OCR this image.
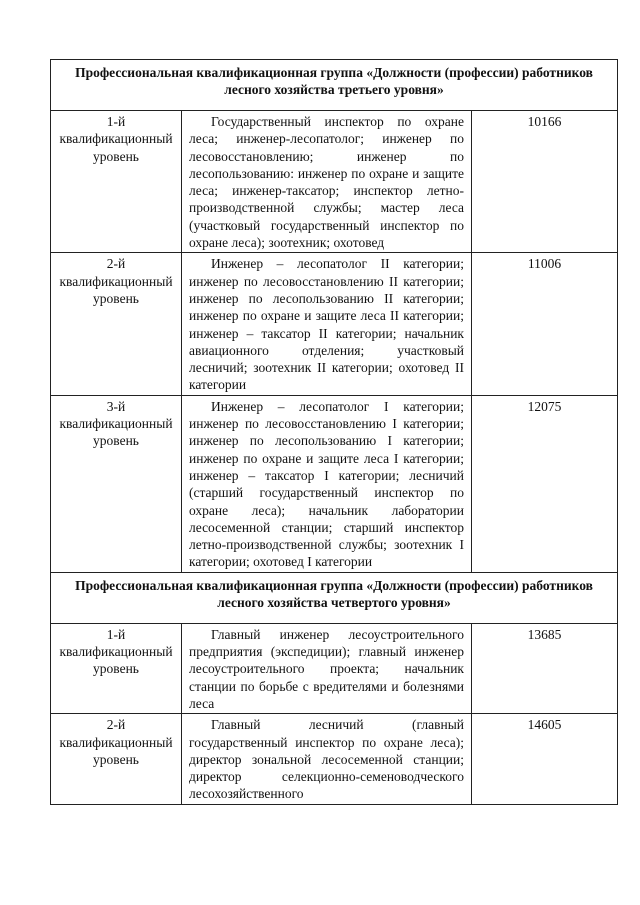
Профессиональная квалификационная группа «Должности (профессии) работников лесного хозяйства третьего уровня»		
1-й квалификационный уровень	Государственный инспектор по охране леса; инженер-лесопатолог; инженер по лесовосстановлению; инженер по лесопользованию: инженер по охране и защите леса; инженер-таксатор; инспектор летно-производственной службы; мастер леса (участковый государственный инспектор по охране леса); зоотехник; охотовед	10166
2-й квалификационный уровень	Инженер – лесопатолог II категории; инженер по лесовосстановлению II категории; инженер по лесопользованию II категории; инженер по охране и защите леса II категории; инженер – таксатор II категории; начальник авиационного отделения; участковый лесничий; зоотехник II категории; охотовед II категории	11006
3-й квалификационный уровень	Инженер – лесопатолог I категории; инженер по лесовосстановлению I категории; инженер по лесопользованию I категории; инженер по охране и защите леса I категории; инженер – таксатор I категории; лесничий (старший государственный инспектор по охране леса); начальник лаборатории лесосеменной станции; старший инспектор летно-производственной службы; зоотехник I категории; охотовед I категории	12075
Профессиональная квалификационная группа «Должности (профессии) работников лесного хозяйства четвертого уровня»		
1-й квалификационный уровень	Главный инженер лесоустроительного предприятия (экспедиции); главный инженер лесоустроительного проекта; начальник станции по борьбе с вредителями и болезнями леса	13685
2-й квалификационный уровень	Главный лесничий (главный государственный инспектор по охране леса); директор зональной лесосеменной станции; директор селекционно-семеноводческого лесохозяйственного	14605
